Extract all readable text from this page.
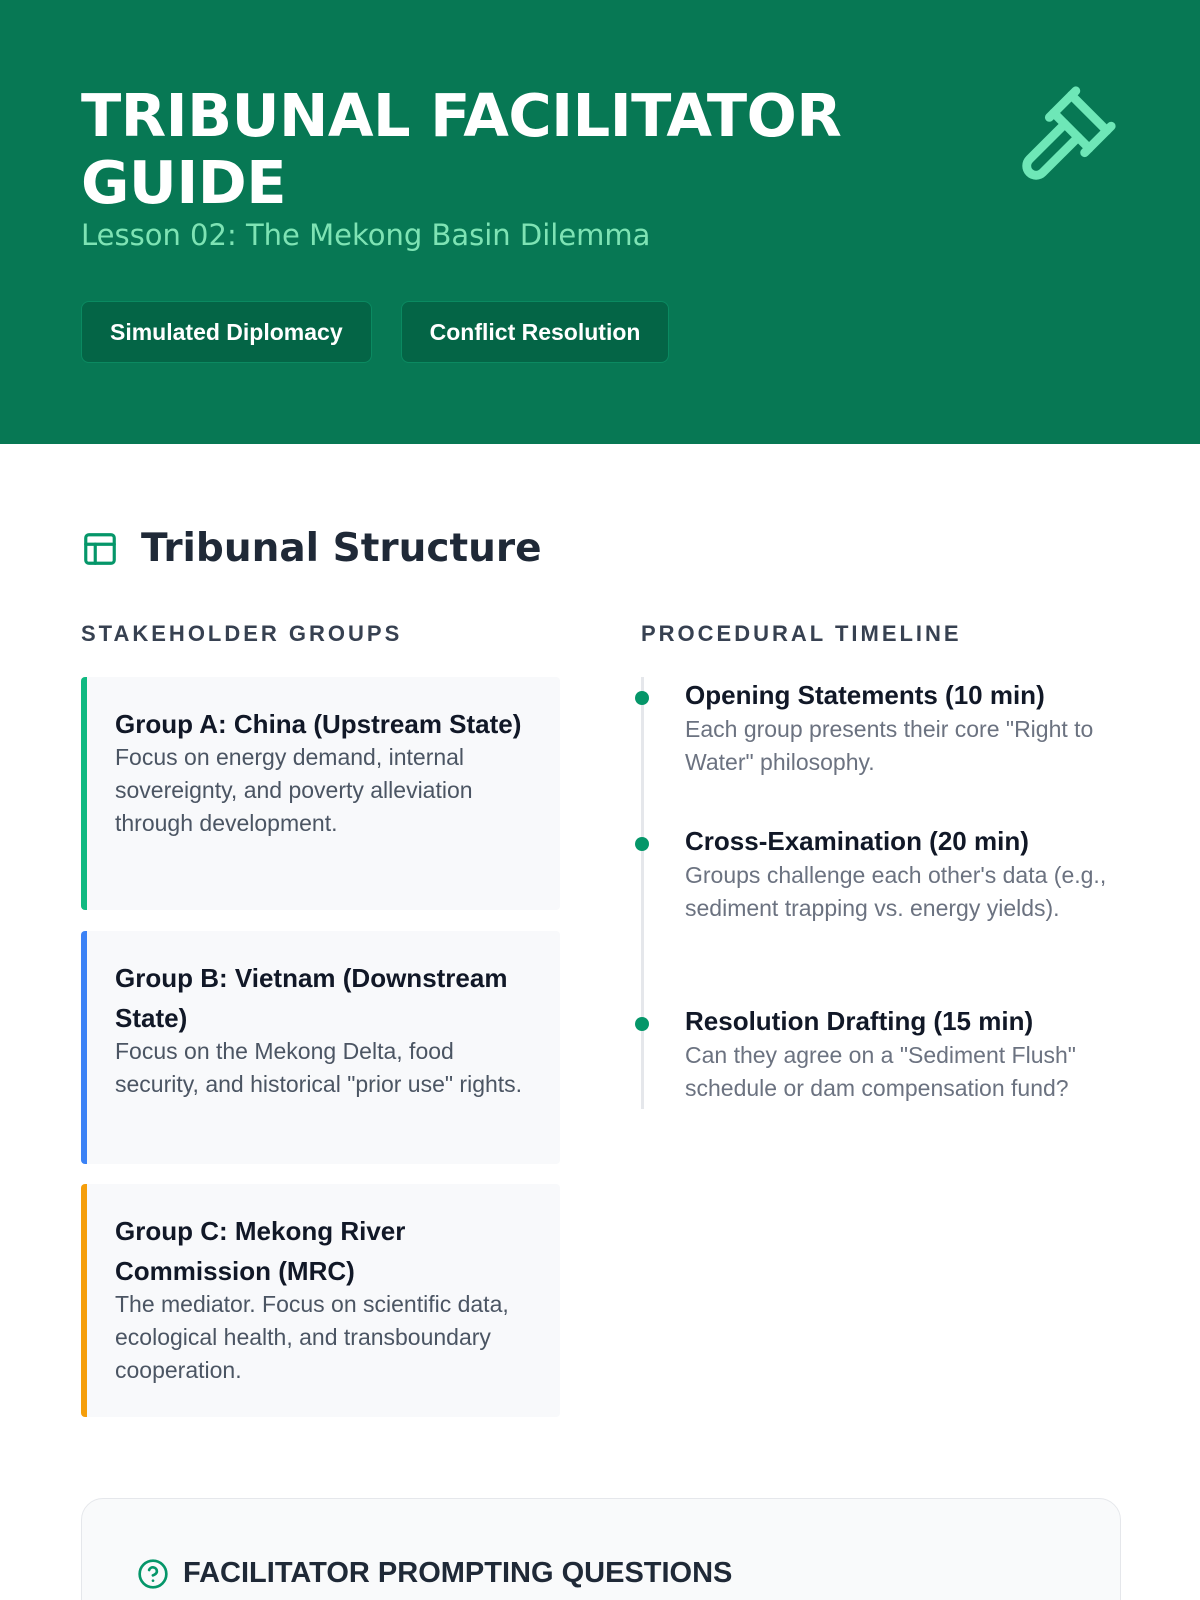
TRIBUNAL FACILITATOR GUIDE
Lesson 02: The Mekong Basin Dilemma
Simulated Diplomacy	Conflict Resolution
Tribunal Structure
STAKEHOLDER GROUPS	PROCEDURAL TIMELINE
Group A: China (Upstream State)

Focus on energy demand, internal sovereignty, and poverty alleviation through development.

Group B: Vietnam (Downstream State)

Focus on the Mekong Delta, food security, and historical "prior use" rights.

Group C: Mekong River Commission (MRC)

The mediator. Focus on scientific data, ecological health, and transboundary cooperation.

Opening Statements (10 min)

Each group presents their core "Right to Water" philosophy.

Cross-Examination (20 min)

Groups challenge each other's data (e.g., sediment trapping vs. energy yields).

Resolution Drafting (15 min)

Can they agree on a "Sediment Flush" schedule or dam compensation fund?

FACILITATOR PROMPTING QUESTIONS
